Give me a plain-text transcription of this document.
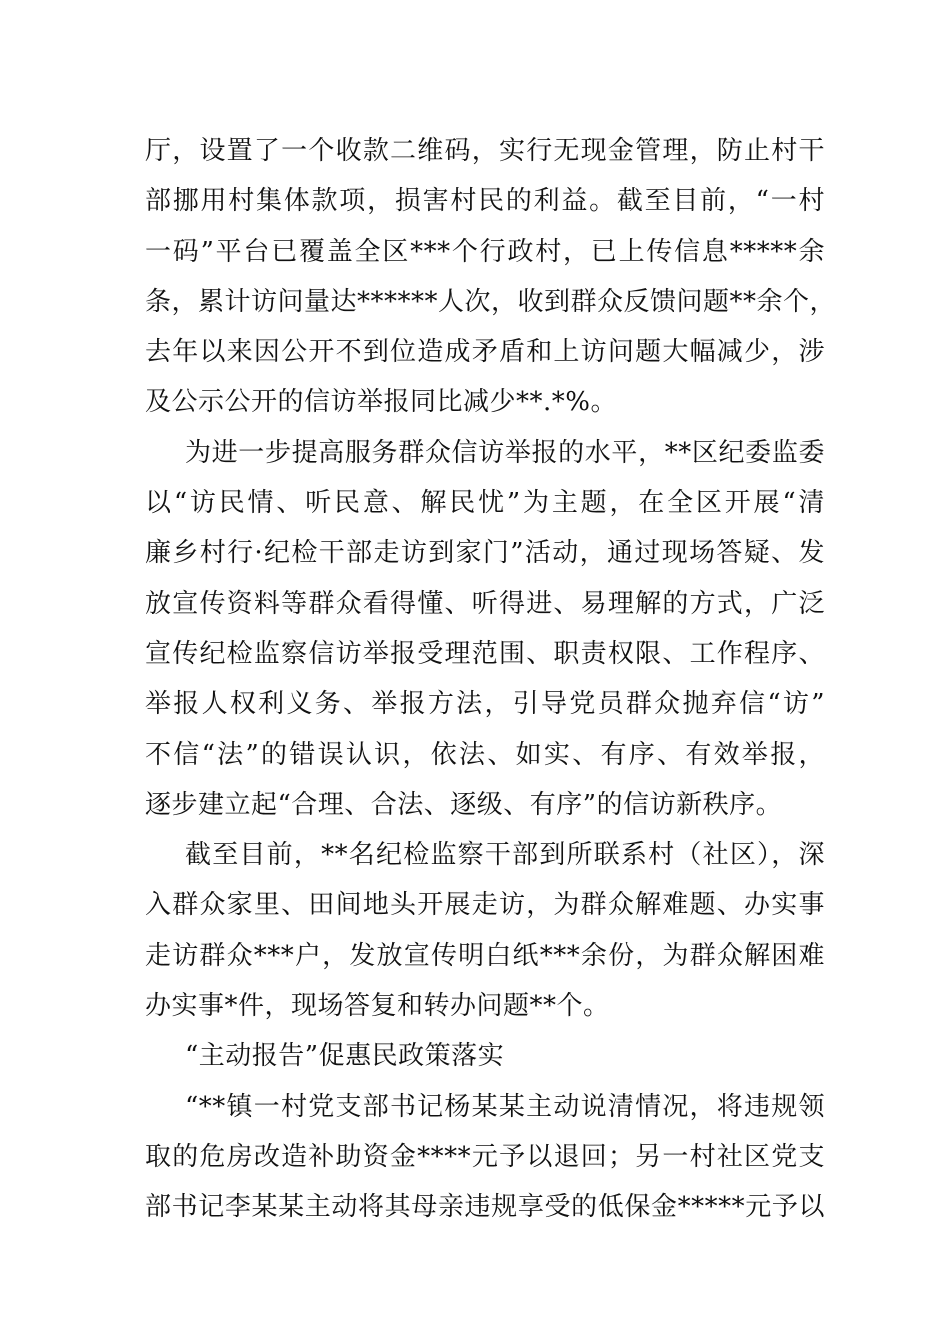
厅，设置了一个收款二维码，实行无现金管理，防止村干
部挪用村集体款项，损害村民的利益。截至目前，“一村
一码”平台已覆盖全区***个行政村，已上传信息*****余
条，累计访问量达******人次，收到群众反馈问题**余个，
去年以来因公开不到位造成矛盾和上访问题大幅减少，涉
及公示公开的信访举报同比减少**.*%。
为进一步提高服务群众信访举报的水平，**区纪委监委
以“访民情、听民意、解民忧”为主题，在全区开展“清
廉乡村行·纪检干部走访到家门”活动，通过现场答疑、发
放宣传资料等群众看得懂、听得进、易理解的方式，广泛
宣传纪检监察信访举报受理范围、职责权限、工作程序、
举报人权利义务、举报方法，引导党员群众抛弃信“访”
不信“法”的错误认识，依法、如实、有序、有效举报，
逐步建立起“合理、合法、逐级、有序”的信访新秩序。
截至目前，**名纪检监察干部到所联系村（社区），深
入群众家里、田间地头开展走访，为群众解难题、办实事
走访群众***户，发放宣传明白纸***余份，为群众解困难
办实事*件，现场答复和转办问题**个。
“主动报告”促惠民政策落实
“**镇一村党支部书记杨某某主动说清情况，将违规领
取的危房改造补助资金****元予以退回；另一村社区党支
部书记李某某主动将其母亲违规享受的低保金*****元予以
